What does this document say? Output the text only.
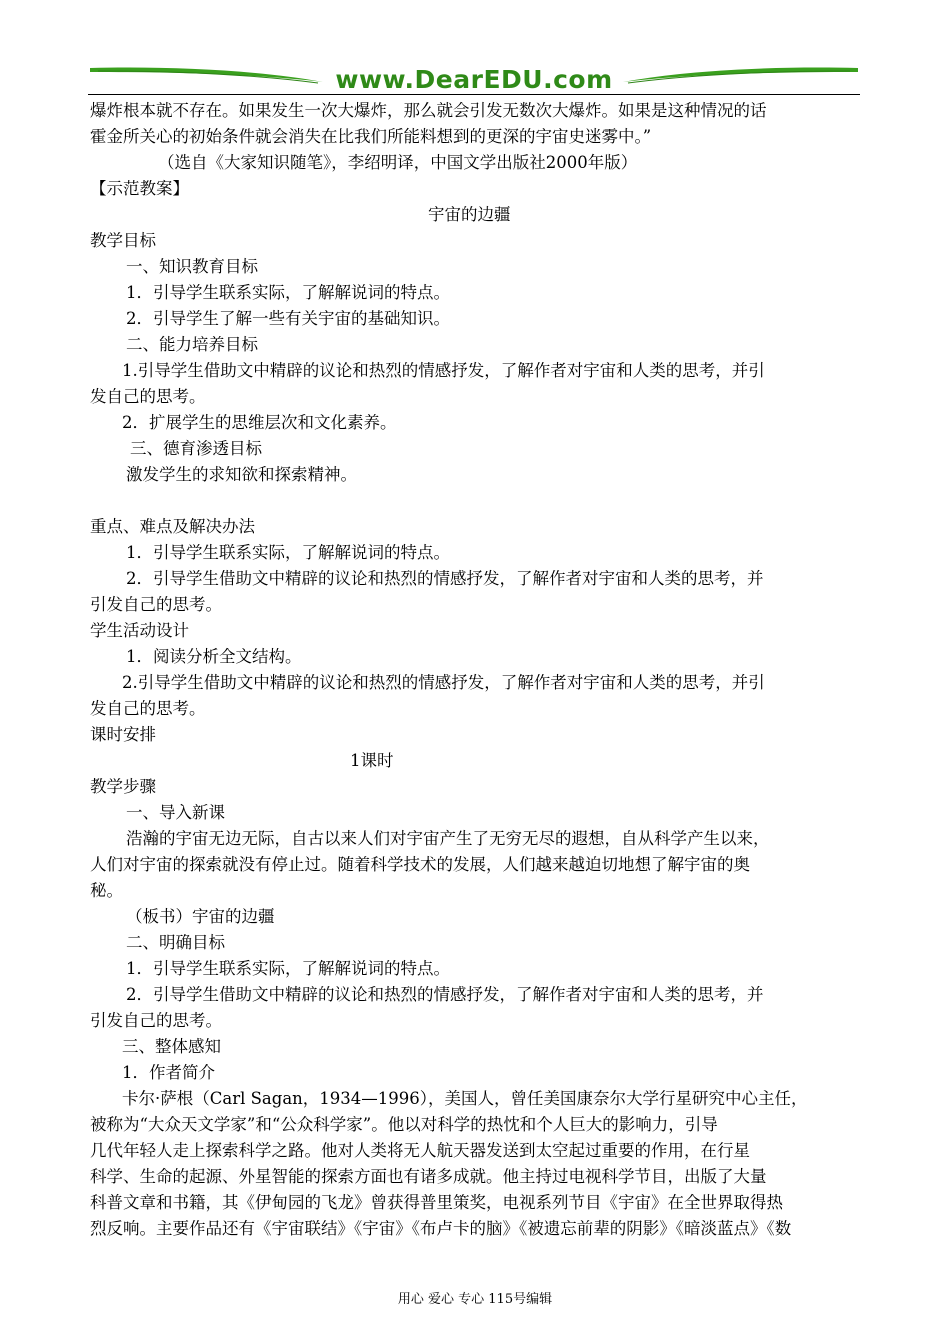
www.DearEDU.com

爆炸根本就不存在。如果发生一次大爆炸，那么就会引发无数次大爆炸。如果是这种情况的话

霍金所关心的初始条件就会消失在比我们所能料想到的更深的宇宙史迷雾中。”

（选自《大家知识随笔》，李绍明译，中国文学出版社2000年版）

【示范教案】

宇宙的边疆

教学目标

一、知识教育目标

1．引导学生联系实际，了解解说词的特点。

2．引导学生了解一些有关宇宙的基础知识。

二、能力培养目标

1.引导学生借助文中精辟的议论和热烈的情感抒发，了解作者对宇宙和人类的思考，并引

发自己的思考。

2．扩展学生的思维层次和文化素养。

三、德育渗透目标

激发学生的求知欲和探索精神。

重点、难点及解决办法

1．引导学生联系实际，了解解说词的特点。

2．引导学生借助文中精辟的议论和热烈的情感抒发，了解作者对宇宙和人类的思考，并

引发自己的思考。

学生活动设计

1．阅读分析全文结构。

2.引导学生借助文中精辟的议论和热烈的情感抒发，了解作者对宇宙和人类的思考，并引

发自己的思考。

课时安排

1课时

教学步骤

一、导入新课

浩瀚的宇宙无边无际，自古以来人们对宇宙产生了无穷无尽的遐想，自从科学产生以来，

人们对宇宙的探索就没有停止过。随着科学技术的发展，人们越来越迫切地想了解宇宙的奥

秘。

（板书）宇宙的边疆

二、明确目标

1．引导学生联系实际，了解解说词的特点。

2．引导学生借助文中精辟的议论和热烈的情感抒发，了解作者对宇宙和人类的思考，并

引发自己的思考。

三、整体感知

1．作者简介

卡尔·萨根（Carl Sagan，1934—1996），美国人，曾任美国康奈尔大学行星研究中心主任，

被称为“大众天文学家”和“公众科学家”。他以对科学的热忱和个人巨大的影响力，引导

几代年轻人走上探索科学之路。他对人类将无人航天器发送到太空起过重要的作用，在行星

科学、生命的起源、外星智能的探索方面也有诸多成就。他主持过电视科学节目，出版了大量

科普文章和书籍，其《伊甸园的飞龙》曾获得普里策奖，电视系列节目《宇宙》在全世界取得热

烈反响。主要作品还有《宇宙联结》《宇宙》《布卢卡的脑》《被遗忘前辈的阴影》《暗淡蓝点》《数

用心 爱心 专心 115号编辑
